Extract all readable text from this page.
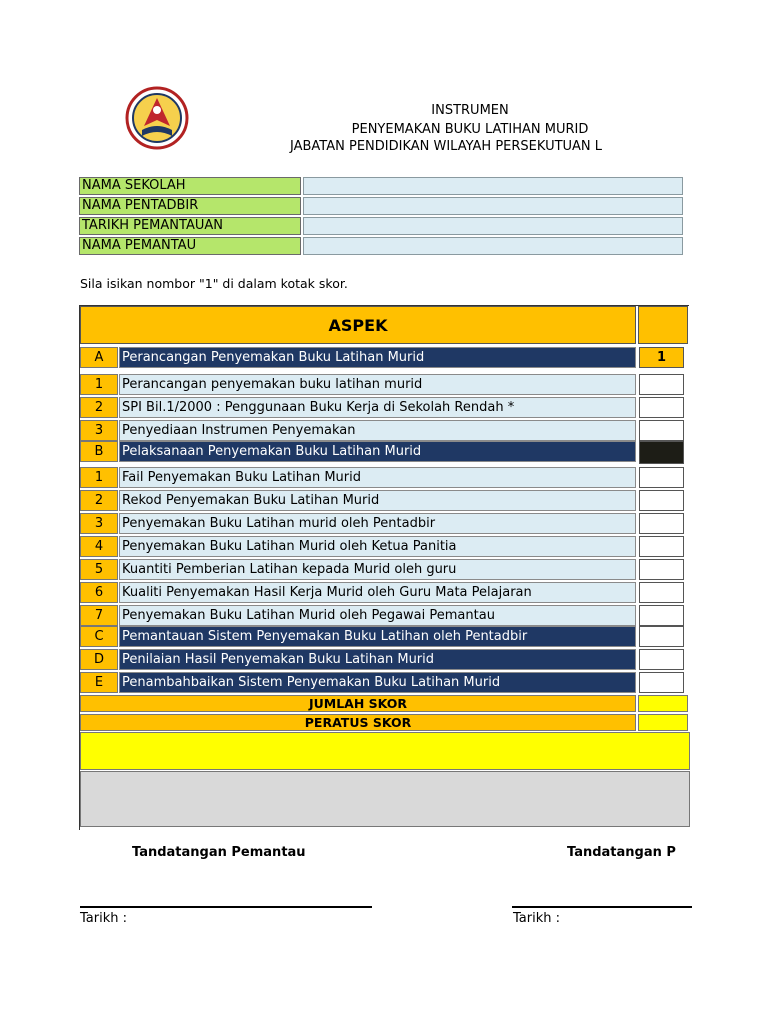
INSTRUMEN
PENYEMAKAN BUKU LATIHAN MURID
JABATAN PENDIDIKAN WILAYAH PERSEKUTUAN L
NAMA SEKOLAH
NAMA PENTADBIR
TARIKH PEMANTAUAN
NAMA PEMANTAU
Sila isikan nombor "1" di dalam kotak skor.
ASPEK
A	Perancangan Penyemakan Buku Latihan Murid	1
1	Perancangan penyemakan buku latihan murid
2	SPI Bil.1/2000 : Penggunaan Buku Kerja di Sekolah Rendah *
3	Penyediaan Instrumen Penyemakan
B	Pelaksanaan Penyemakan Buku Latihan Murid
1	Fail Penyemakan Buku Latihan Murid
2	Rekod Penyemakan Buku Latihan Murid
3	Penyemakan Buku Latihan murid oleh Pentadbir
4	Penyemakan Buku Latihan Murid oleh Ketua Panitia
5	Kuantiti Pemberian Latihan kepada Murid oleh guru
6	Kualiti Penyemakan Hasil Kerja Murid oleh Guru Mata Pelajaran
7	Penyemakan Buku Latihan Murid oleh Pegawai Pemantau
C	Pemantauan Sistem Penyemakan Buku Latihan oleh Pentadbir
D	Penilaian Hasil Penyemakan Buku Latihan Murid
E	Penambahbaikan Sistem Penyemakan Buku Latihan Murid
JUMLAH SKOR
PERATUS SKOR
Tandatangan Pemantau	Tandatangan P
Tarikh :	Tarikh :
